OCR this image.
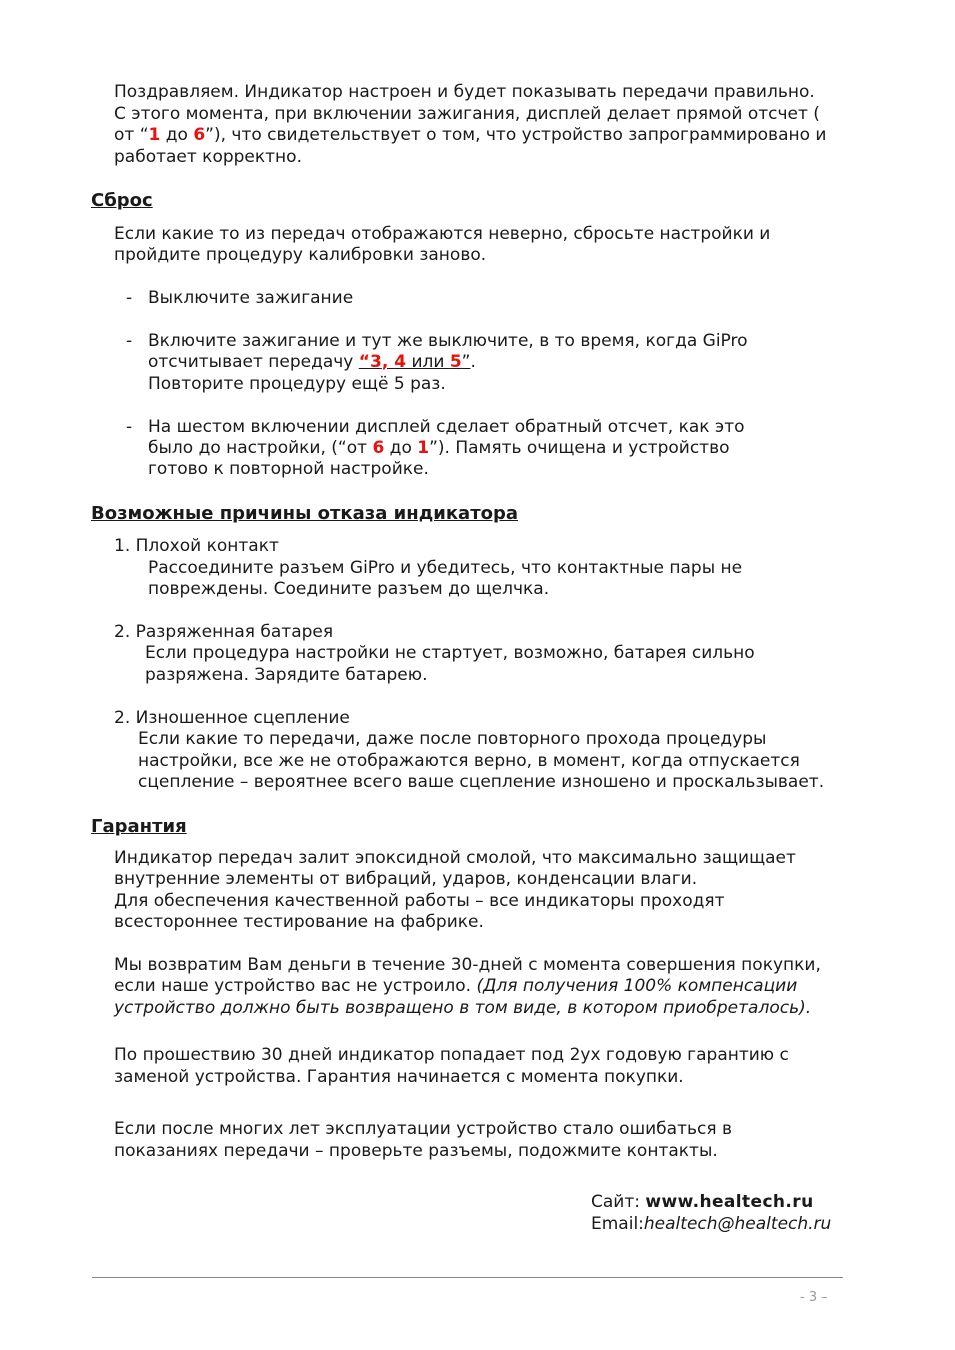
Поздравляем. Индикатор настроен и будет показывать передачи правильно.

С этого момента, при включении зажигания, дисплей делает прямой отсчет (

от “1 до 6”), что свидетельствует о том, что устройство запрограммировано и

работает корректно.

Сброс

Если какие то из передач отображаются неверно, сбросьте настройки и

пройдите процедуру калибровки заново.

- Выключите зажигание

- Включите зажигание и тут же выключите, в то время, когда GiPro

отсчитывает передачу “3, 4 или 5”.

Повторите процедуру ещё 5 раз.

- На шестом включении дисплей сделает обратный отсчет, как это

было до настройки, (“от 6 до 1”). Память очищена и устройство

готово к повторной настройке.

Возможные причины отказа индикатора

1. Плохой контакт

Рассоедините разъем GiPro и убедитесь, что контактные пары не

повреждены. Соедините разъем до щелчка.

2. Разряженная батарея

Если процедура настройки не стартует, возможно, батарея сильно

разряжена. Зарядите батарею.

2. Изношенное сцепление

Если какие то передачи, даже после повторного прохода процедуры

настройки, все же не отображаются верно, в момент, когда отпускается

сцепление – вероятнее всего ваше сцепление изношено и проскальзывает.

Гарантия

Индикатор передач залит эпоксидной смолой, что максимально защищает

внутренние элементы от вибраций, ударов, конденсации влаги.

Для обеспечения качественной работы – все индикаторы проходят

всестороннее тестирование на фабрике.

Мы возвратим Вам деньги в течение 30-дней с момента совершения покупки,

если наше устройство вас не устроило. (Для получения 100% компенсации

устройство должно быть возвращено в том виде, в котором приобреталось).

По прошествию 30 дней индикатор попадает под 2ух годовую гарантию с

заменой устройства. Гарантия начинается с момента покупки.

Если после многих лет эксплуатации устройство стало ошибаться в

показаниях передачи – проверьте разъемы, подожмите контакты.

Сайт: www.healtech.ru
Email:healtech@healtech.ru
- 3 –
